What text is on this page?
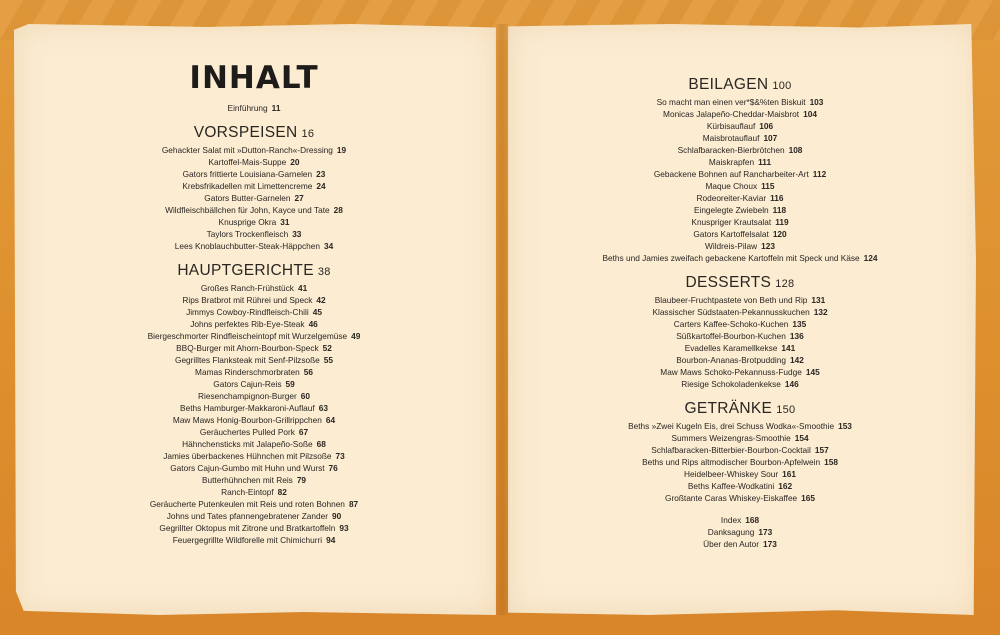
INHALT
Einführung 11
VORSPEISEN 16
Gehackter Salat mit »Dutton-Ranch«-Dressing 19
Kartoffel-Mais-Suppe 20
Gators frittierte Louisiana-Garnelen 23
Krebsfrikadellen mit Limettencreme 24
Gators Butter-Garnelen 27
Wildfleischbällchen für John, Kayce und Tate 28
Knusprige Okra 31
Taylors Trockenfleisch 33
Lees Knoblauchbutter-Steak-Häppchen 34
HAUPTGERICHTE 38
Großes Ranch-Frühstück 41
Rips Bratbrot mit Rührei und Speck 42
Jimmys Cowboy-Rindfleisch-Chili 45
Johns perfektes Rib-Eye-Steak 46
Biergeschmorter Rindfleischeintopf mit Wurzelgemüse 49
BBQ-Burger mit Ahorn-Bourbon-Speck 52
Gegrilltes Flanksteak mit Senf-Pilzsoße 55
Mamas Rinderschmorbraten 56
Gators Cajun-Reis 59
Riesenchampignon-Burger 60
Beths Hamburger-Makkaroni-Auflauf 63
Maw Maws Honig-Bourbon-Grillrippchen 64
Geräuchertes Pulled Pork 67
Hähnchensticks mit Jalapeño-Soße 68
Jamies überbackenes Hühnchen mit Pilzsoße 73
Gators Cajun-Gumbo mit Huhn und Wurst 76
Butterhühnchen mit Reis 79
Ranch-Eintopf 82
Geräucherte Putenkeulen mit Reis und roten Bohnen 87
Johns und Tates pfannengebratener Zander 90
Gegrillter Oktopus mit Zitrone und Bratkartoffeln 93
Feuergegrillte Wildforelle mit Chimichurri 94
BEILAGEN 100
So macht man einen ver*$&%ten Biskuit 103
Monicas Jalapeño-Cheddar-Maisbrot 104
Kürbisauflauf 106
Maisbrotauflauf 107
Schlafbaracken-Bierbrötchen 108
Maiskrapfen 111
Gebackene Bohnen auf Rancharbeiter-Art 112
Maque Choux 115
Rodeoreiter-Kaviar 116
Eingelegte Zwiebeln 118
Knuspriger Krautsalat 119
Gators Kartoffelsalat 120
Wildreis-Pilaw 123
Beths und Jamies zweifach gebackene Kartoffeln mit Speck und Käse 124
DESSERTS 128
Blaubeer-Fruchtpastete von Beth und Rip 131
Klassischer Südstaaten-Pekannusskuchen 132
Carters Kaffee-Schoko-Kuchen 135
Süßkartoffel-Bourbon-Kuchen 136
Evadelles Karamellkekse 141
Bourbon-Ananas-Brotpudding 142
Maw Maws Schoko-Pekannuss-Fudge 145
Riesige Schokoladenkekse 146
GETRÄNKE 150
Beths »Zwei Kugeln Eis, drei Schuss Wodka«-Smoothie 153
Summers Weizengras-Smoothie 154
Schlafbaracken-Bitterbier-Bourbon-Cocktail 157
Beths und Rips altmodischer Bourbon-Apfelwein 158
Heidelbeer-Whiskey Sour 161
Beths Kaffee-Wodkatini 162
Großtante Caras Whiskey-Eiskaffee 165
Index 168
Danksagung 173
Über den Autor 173
